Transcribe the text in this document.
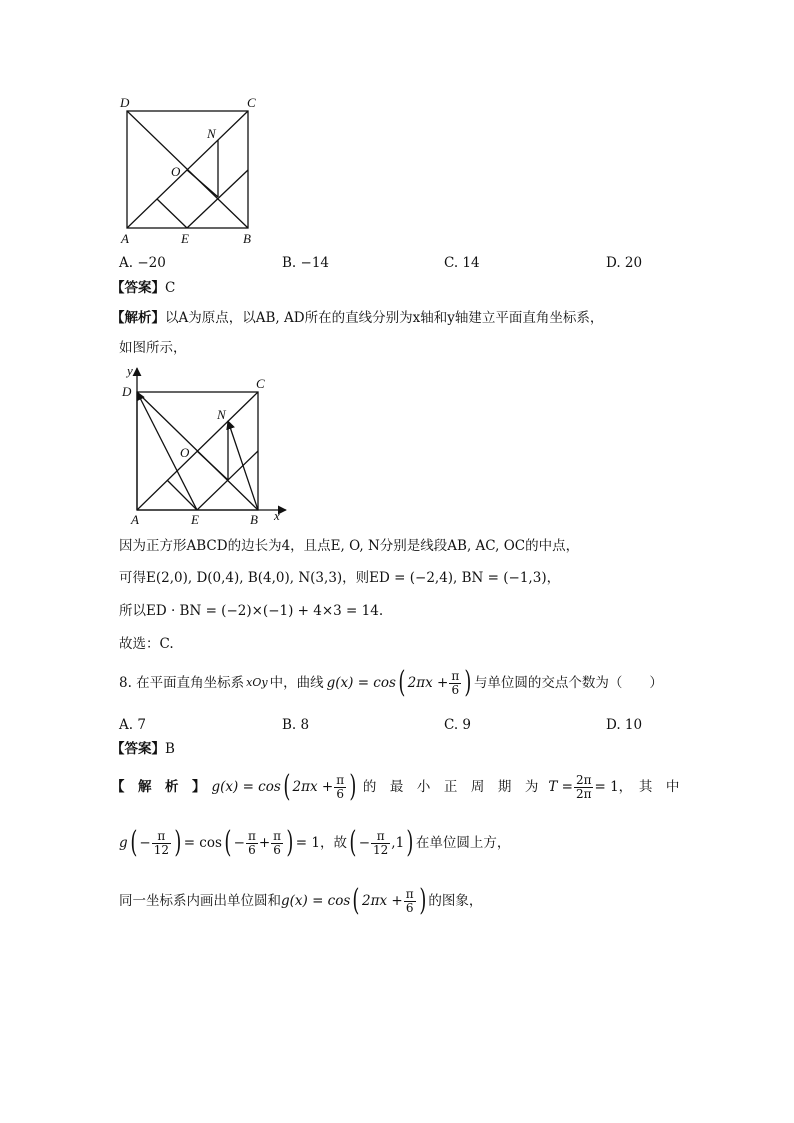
D	C
N
O
A	E	B
A. −20	B. −14	C. 14	D. 20
【答案】C
【解析】以A为原点，以AB, AD所在的直线分别为x轴和y轴建立平面直角坐标系，
如图所示，
y
D
C
N
O
A	E	B x
因为正方形ABCD的边长为4，且点E, O, N分别是线段AB, AC, OC的中点，
可得E(2,0), D(0,4), B(4,0), N(3,3)，则ED = (−2,4), BN = (−1,3)，
所以ED · BN = (−2)×(−1) + 4×3 = 14.
故选：C.
8. 在平面直角坐标系 xOy 中，曲线 g(x) = cos ( $2\pi x + \frac{\pi}{6}$ ) 与单位圆的交点个数为（　　）
A. 7	B. 8	C. 9	D. 10
【答案】B
【　解　析　】 g(x) = cos ( $2\pi x + \frac{\pi}{6}$ ) 的　最　小　正　周　期　为 $T = \frac{2\pi}{2\pi} = 1$，　其　中
g ( − $\frac{\pi}{12}$ ) = cos ( − $\frac{\pi}{6} + \frac{\pi}{6}$ ) = 1，故 ( − $\frac{\pi}{12} ,1$ ) 在单位圆上方，
同一坐标系内画出单位圆和 g(x) = cos ( $2\pi x + \frac{\pi}{6}$ ) 的图象，
